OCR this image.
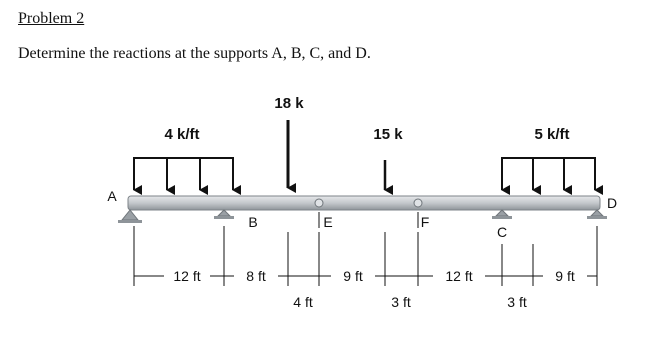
Problem 2
Determine the reactions at the supports A, B, C, and D.
4 k/ft
18 k
15 k	5 k/ft
A
B
C
D
E	F
12 ft	8 ft	9 ft	12 ft	9 ft
4 ft	3 ft	3 ft
